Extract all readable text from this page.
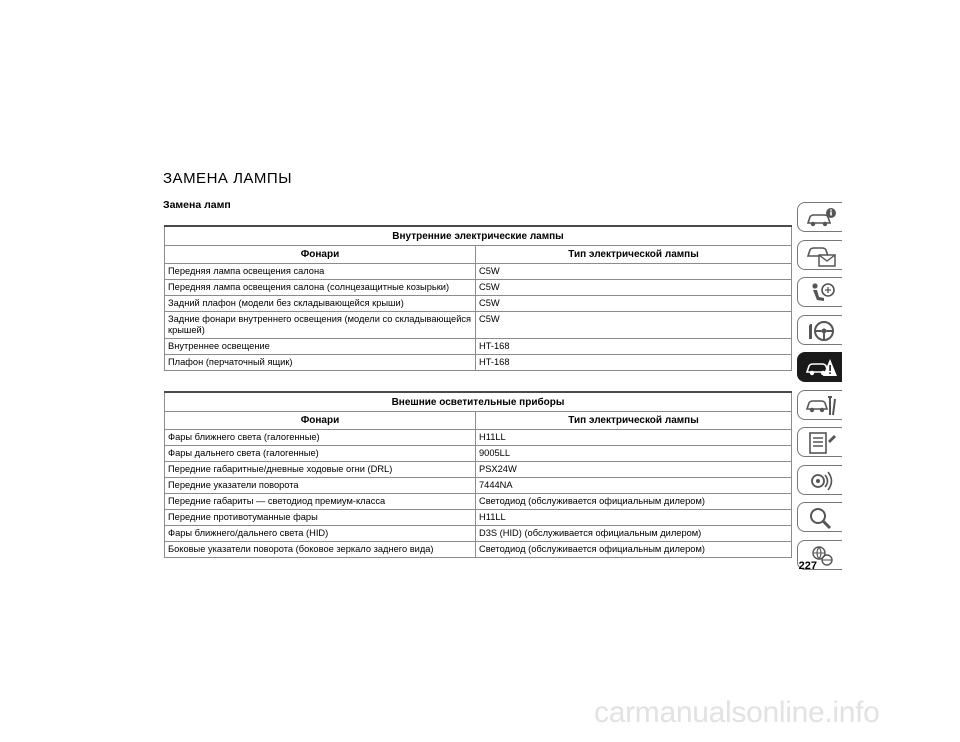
ЗАМЕНА ЛАМПЫ
Замена ламп
Внутренние электрические лампы	
Фонари	Тип электрической лампы
Передняя лампа освещения салона	C5W
Передняя лампа освещения салона (солнцезащитные козырьки)	C5W
Задний плафон (модели без складывающейся крыши)	C5W
Задние фонари внутреннего освещения (модели со складывающейся крышей)	C5W
Внутреннее освещение	HT-168
Плафон (перчаточный ящик)	HT-168
Внешние осветительные приборы	
Фонари	Тип электрической лампы
Фары ближнего света (галогенные)	H11LL
Фары дальнего света (галогенные)	9005LL
Передние габаритные/дневные ходовые огни (DRL)	PSX24W
Передние указатели поворота	7444NA
Передние габариты — светодиод премиум-класса	Светодиод (обслуживается официальным дилером)
Передние противотуманные фары	H11LL
Фары ближнего/дальнего света (HID)	D3S (HID) (обслуживается официальным дилером)
Боковые указатели поворота (боковое зеркало заднего вида)	Светодиод (обслуживается официальным дилером)
227
carmanualsonline.info
